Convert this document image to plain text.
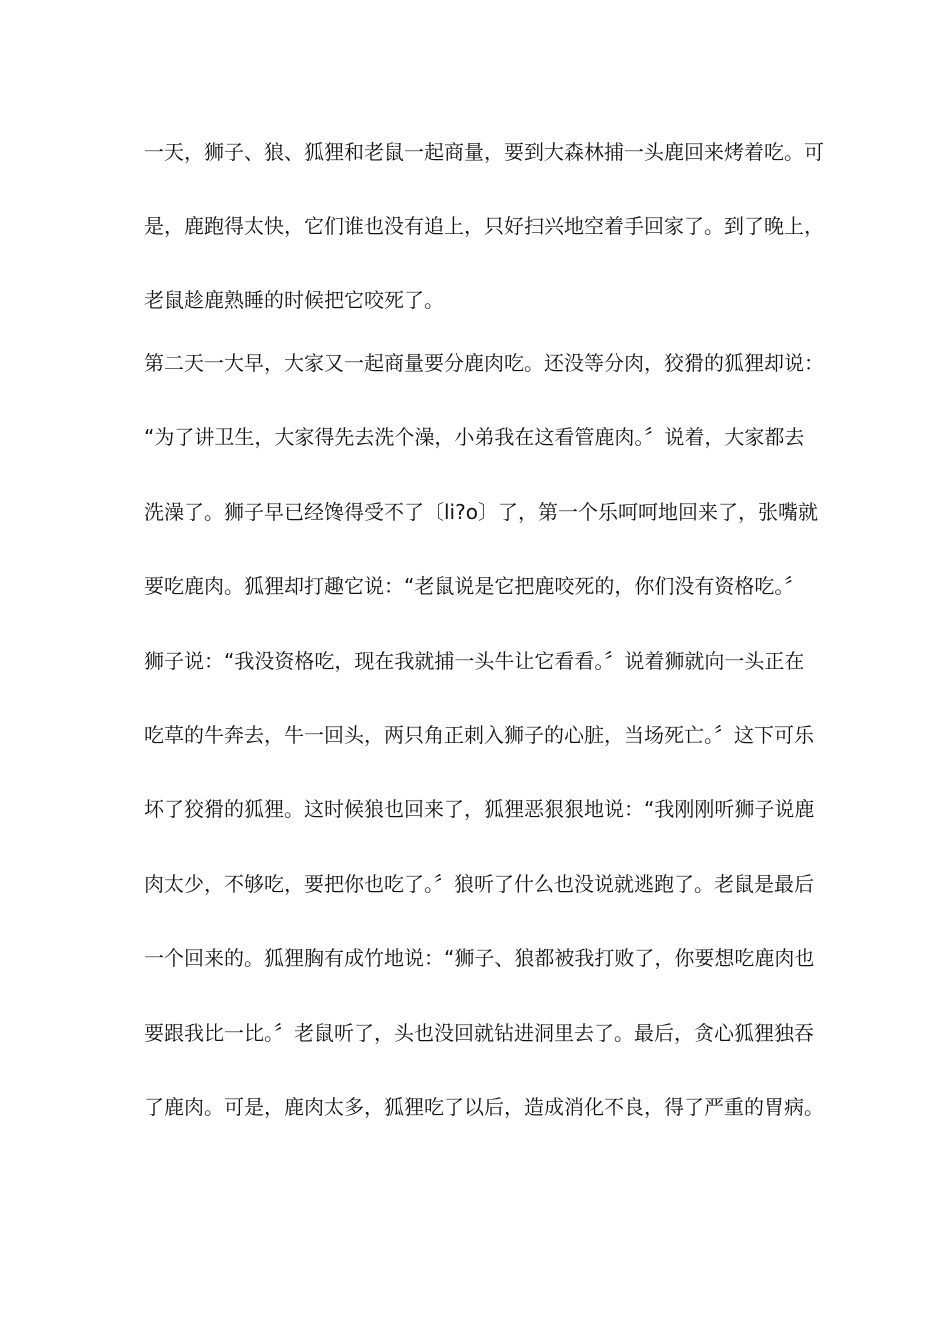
一天，狮子、狼、狐狸和老鼠一起商量，要到大森林捕一头鹿回来烤着吃。可
是，鹿跑得太快，它们谁也没有追上，只好扫兴地空着手回家了。到了晚上，
老鼠趁鹿熟睡的时候把它咬死了。
第二天一大早，大家又一起商量要分鹿肉吃。还没等分肉，狡猾的狐狸却说：
“为了讲卫生，大家得先去洗个澡，小弟我在这看管鹿肉。〞说着，大家都去
洗澡了。狮子早已经馋得受不了〔li?o〕了，第一个乐呵呵地回来了，张嘴就
要吃鹿肉。狐狸却打趣它说：“老鼠说是它把鹿咬死的，你们没有资格吃。〞
狮子说：“我没资格吃，现在我就捕一头牛让它看看。〞说着狮就向一头正在
吃草的牛奔去，牛一回头，两只角正刺入狮子的心脏，当场死亡。〞这下可乐
坏了狡猾的狐狸。这时候狼也回来了，狐狸恶狠狠地说：“我刚刚听狮子说鹿
肉太少，不够吃，要把你也吃了。〞狼听了什么也没说就逃跑了。老鼠是最后
一个回来的。狐狸胸有成竹地说：“狮子、狼都被我打败了，你要想吃鹿肉也
要跟我比一比。〞老鼠听了，头也没回就钻进洞里去了。最后，贪心狐狸独吞
了鹿肉。可是，鹿肉太多，狐狸吃了以后，造成消化不良，得了严重的胃病。
